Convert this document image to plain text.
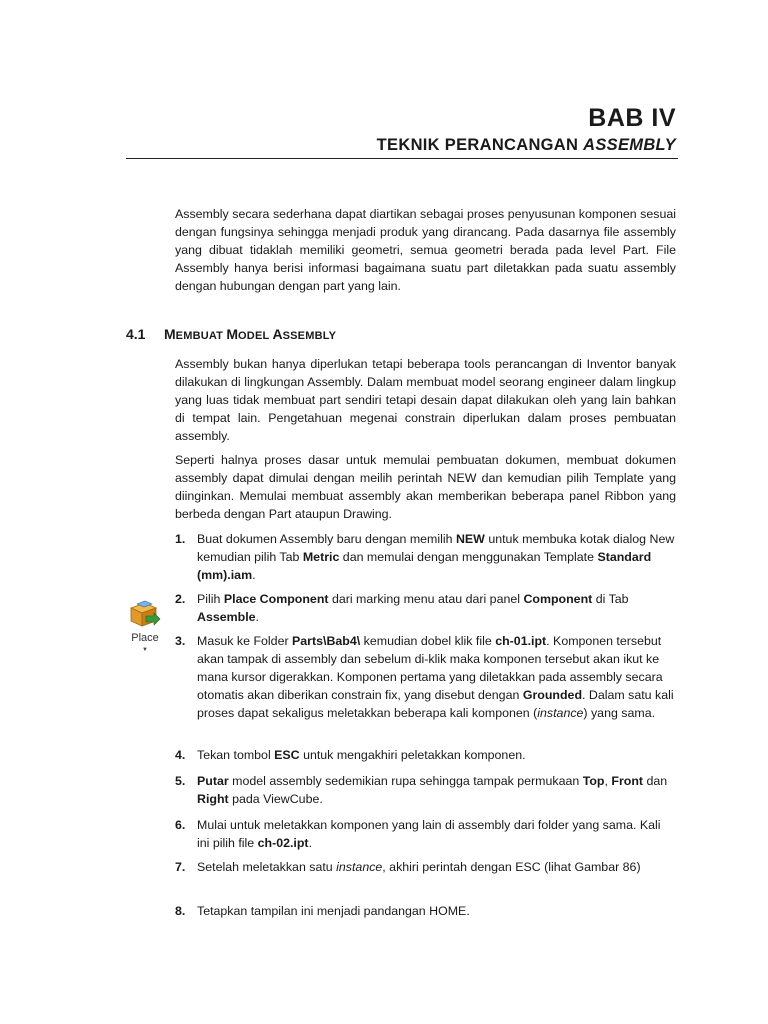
BAB IV
TEKNIK PERANCANGAN ASSEMBLY

Assembly secara sederhana dapat diartikan sebagai proses penyusunan komponen sesuai dengan fungsinya sehingga menjadi produk yang dirancang. Pada dasarnya file assembly yang dibuat tidaklah memiliki geometri, semua geometri berada pada level Part. File Assembly hanya berisi informasi bagaimana suatu part diletakkan pada suatu assembly dengan hubungan dengan part yang lain.

4.1 MEMBUAT MODEL ASSEMBLY

Assembly bukan hanya diperlukan tetapi beberapa tools perancangan di Inventor banyak dilakukan di lingkungan Assembly. Dalam membuat model seorang engineer dalam lingkup yang luas tidak membuat part sendiri tetapi desain dapat dilakukan oleh yang lain bahkan di tempat lain. Pengetahuan megenai constrain diperlukan dalam proses pembuatan assembly.

Seperti halnya proses dasar untuk memulai pembuatan dokumen, membuat dokumen assembly dapat dimulai dengan meilih perintah NEW dan kemudian pilih Template yang diinginkan. Memulai membuat assembly akan memberikan beberapa panel Ribbon yang berbeda dengan Part ataupun Drawing.

Place
▼
1. Buat dokumen Assembly baru dengan memilih NEW untuk membuka kotak dialog New kemudian pilih Tab Metric dan memulai dengan menggunakan Template Standard (mm).iam.
2. Pilih Place Component dari marking menu atau dari panel Component di Tab Assemble.
3. Masuk ke Folder Parts\Bab4\ kemudian dobel klik file ch-01.ipt. Komponen tersebut akan tampak di assembly dan sebelum di-klik maka komponen tersebut akan ikut ke mana kursor digerakkan. Komponen pertama yang diletakkan pada assembly secara otomatis akan diberikan constrain fix, yang disebut dengan Grounded. Dalam satu kali proses dapat sekaligus meletakkan beberapa kali komponen (instance) yang sama.
4. Tekan tombol ESC untuk mengakhiri peletakkan komponen.
5. Putar model assembly sedemikian rupa sehingga tampak permukaan Top, Front dan Right pada ViewCube.
6. Mulai untuk meletakkan komponen yang lain di assembly dari folder yang sama. Kali ini pilih file ch-02.ipt.
7. Setelah meletakkan satu instance, akhiri perintah dengan ESC (lihat Gambar 86)
8. Tetapkan tampilan ini menjadi pandangan HOME.
